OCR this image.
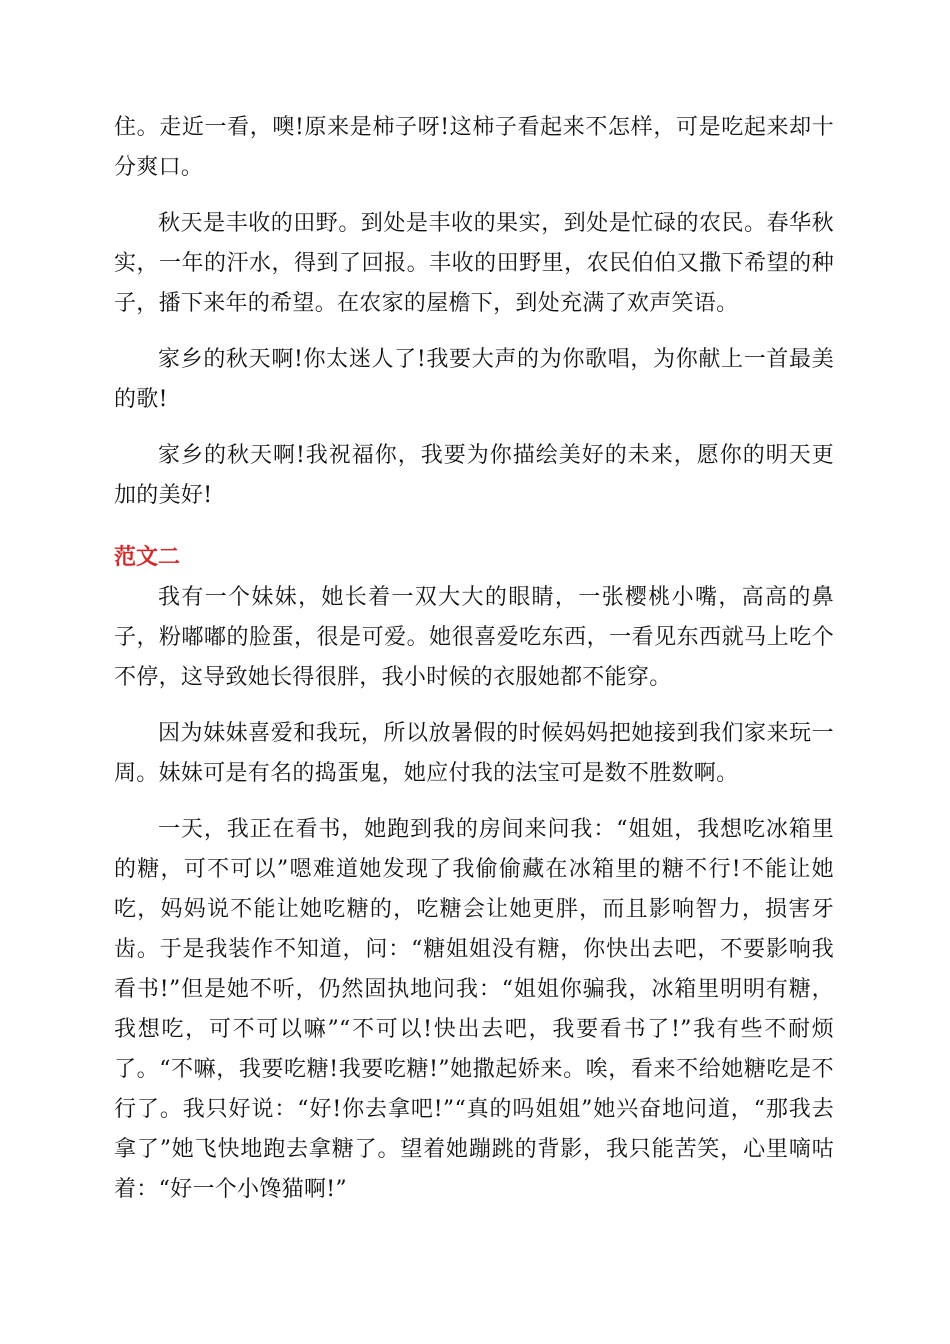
住。走近一看，噢!原来是柿子呀!这柿子看起来不怎样，可是吃起来却十分爽口。

秋天是丰收的田野。到处是丰收的果实，到处是忙碌的农民。春华秋实，一年的汗水，得到了回报。丰收的田野里，农民伯伯又撒下希望的种子，播下来年的希望。在农家的屋檐下，到处充满了欢声笑语。

家乡的秋天啊!你太迷人了!我要大声的为你歌唱，为你献上一首最美的歌!

家乡的秋天啊!我祝福你，我要为你描绘美好的未来，愿你的明天更加的美好!

范文二

我有一个妹妹，她长着一双大大的眼睛，一张樱桃小嘴，高高的鼻子，粉嘟嘟的脸蛋，很是可爱。她很喜爱吃东西，一看见东西就马上吃个不停，这导致她长得很胖，我小时候的衣服她都不能穿。

因为妹妹喜爱和我玩，所以放暑假的时候妈妈把她接到我们家来玩一周。妹妹可是有名的捣蛋鬼，她应付我的法宝可是数不胜数啊。

一天，我正在看书，她跑到我的房间来问我：“姐姐，我想吃冰箱里的糖，可不可以”嗯难道她发现了我偷偷藏在冰箱里的糖不行!不能让她吃，妈妈说不能让她吃糖的，吃糖会让她更胖，而且影响智力，损害牙齿。于是我装作不知道，问：“糖姐姐没有糖，你快出去吧，不要影响我看书!”但是她不听，仍然固执地问我：“姐姐你骗我，冰箱里明明有糖，我想吃，可不可以嘛”“不可以!快出去吧，我要看书了!”我有些不耐烦了。“不嘛，我要吃糖!我要吃糖!”她撒起娇来。唉，看来不给她糖吃是不行了。我只好说：“好!你去拿吧!”“真的吗姐姐”她兴奋地问道，“那我去拿了”她飞快地跑去拿糖了。望着她蹦跳的背影，我只能苦笑，心里嘀咕着：“好一个小馋猫啊!”
